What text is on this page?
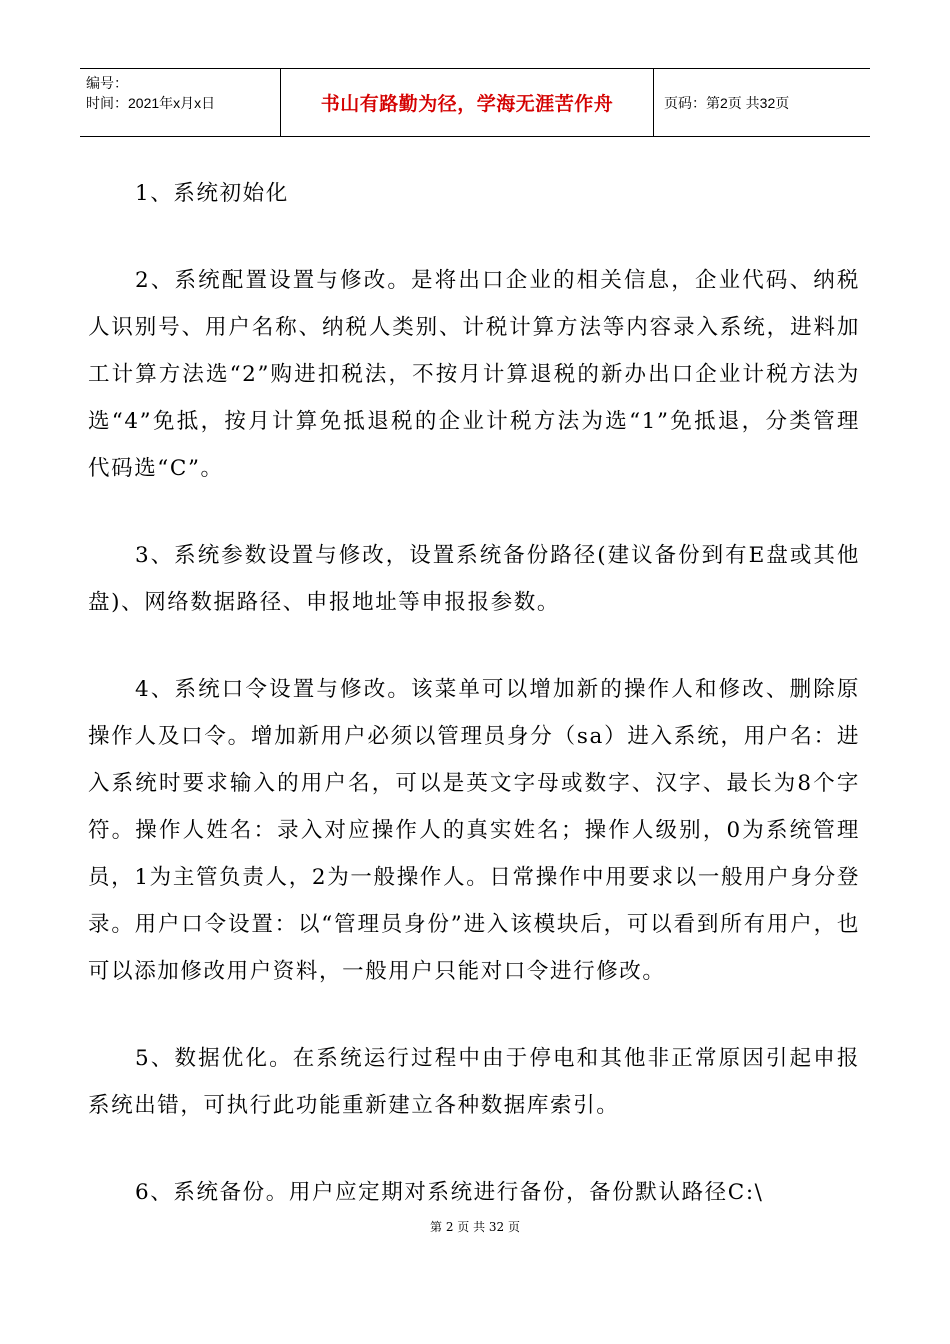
编号：
时间：2021年x月x日	书山有路勤为径，学海无涯苦作舟	页码：第2页 共32页

1、系统初始化

2、系统配置设置与修改。是将出口企业的相关信息，企业代码、纳税人识别号、用户名称、纳税人类别、计税计算方法等内容录入系统，进料加工计算方法选“2”购进扣税法，不按月计算退税的新办出口企业计税方法为选“4”免抵，按月计算免抵退税的企业计税方法为选“1”免抵退，分类管理代码选“C”。

3、系统参数设置与修改，设置系统备份路径(建议备份到有E盘或其他盘)、网络数据路径、申报地址等申报报参数。

4、系统口令设置与修改。该菜单可以增加新的操作人和修改、删除原操作人及口令。增加新用户必须以管理员身分（sa）进入系统，用户名：进入系统时要求输入的用户名，可以是英文字母或数字、汉字、最长为8个字符。操作人姓名：录入对应操作人的真实姓名；操作人级别，0为系统管理员，1为主管负责人，2为一般操作人。日常操作中用要求以一般用户身分登录。用户口令设置：以“管理员身份”进入该模块后，可以看到所有用户，也可以添加修改用户资料，一般用户只能对口令进行修改。

5、数据优化。在系统运行过程中由于停电和其他非正常原因引起申报系统出错，可执行此功能重新建立各种数据库索引。

6、系统备份。用户应定期对系统进行备份，备份默认路径C:\

第 2 页 共 32 页
